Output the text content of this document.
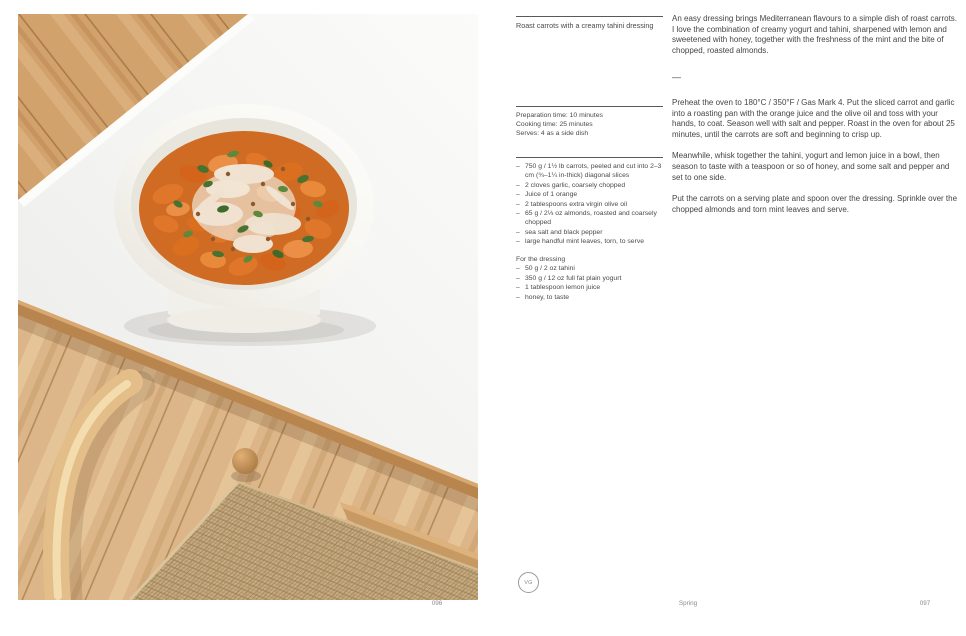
Roast carrots with a creamy tahini dressing
Preparation time: 10 minutes
Cooking time: 25 minutes
Serves: 4 as a side dish
– 750 g / 1½ lb carrots, peeled and cut into 2–3 cm (¾–1¼ in-thick) diagonal slices
– 2 cloves garlic, coarsely chopped
– Juice of 1 orange
– 2 tablespoons extra virgin olive oil
– 65 g / 2⅓ oz almonds, roasted and coarsely chopped
– sea salt and black pepper
– large handful mint leaves, torn, to serve
For the dressing
– 50 g / 2 oz tahini
– 350 g / 12 oz full fat plain yogurt
– 1 tablespoon lemon juice
– honey, to taste
VG

An easy dressing brings Mediterranean flavours to a simple dish of roast carrots. I love the combination of creamy yogurt and tahini, sharpened with lemon and sweetened with honey, together with the freshness of the mint and the bite of chopped, roasted almonds.

—

Preheat the oven to 180°C / 350°F / Gas Mark 4. Put the sliced carrot and garlic into a roasting pan with the orange juice and the olive oil and toss with your hands, to coat. Season well with salt and pepper. Roast in the oven for about 25 minutes, until the carrots are soft and beginning to crisp up.

Meanwhile, whisk together the tahini, yogurt and lemon juice in a bowl, then season to taste with a teaspoon or so of honey, and some salt and pepper and set to one side.

Put the carrots on a serving plate and spoon over the dressing. Sprinkle over the chopped almonds and torn mint leaves and serve.

096	Spring	097
